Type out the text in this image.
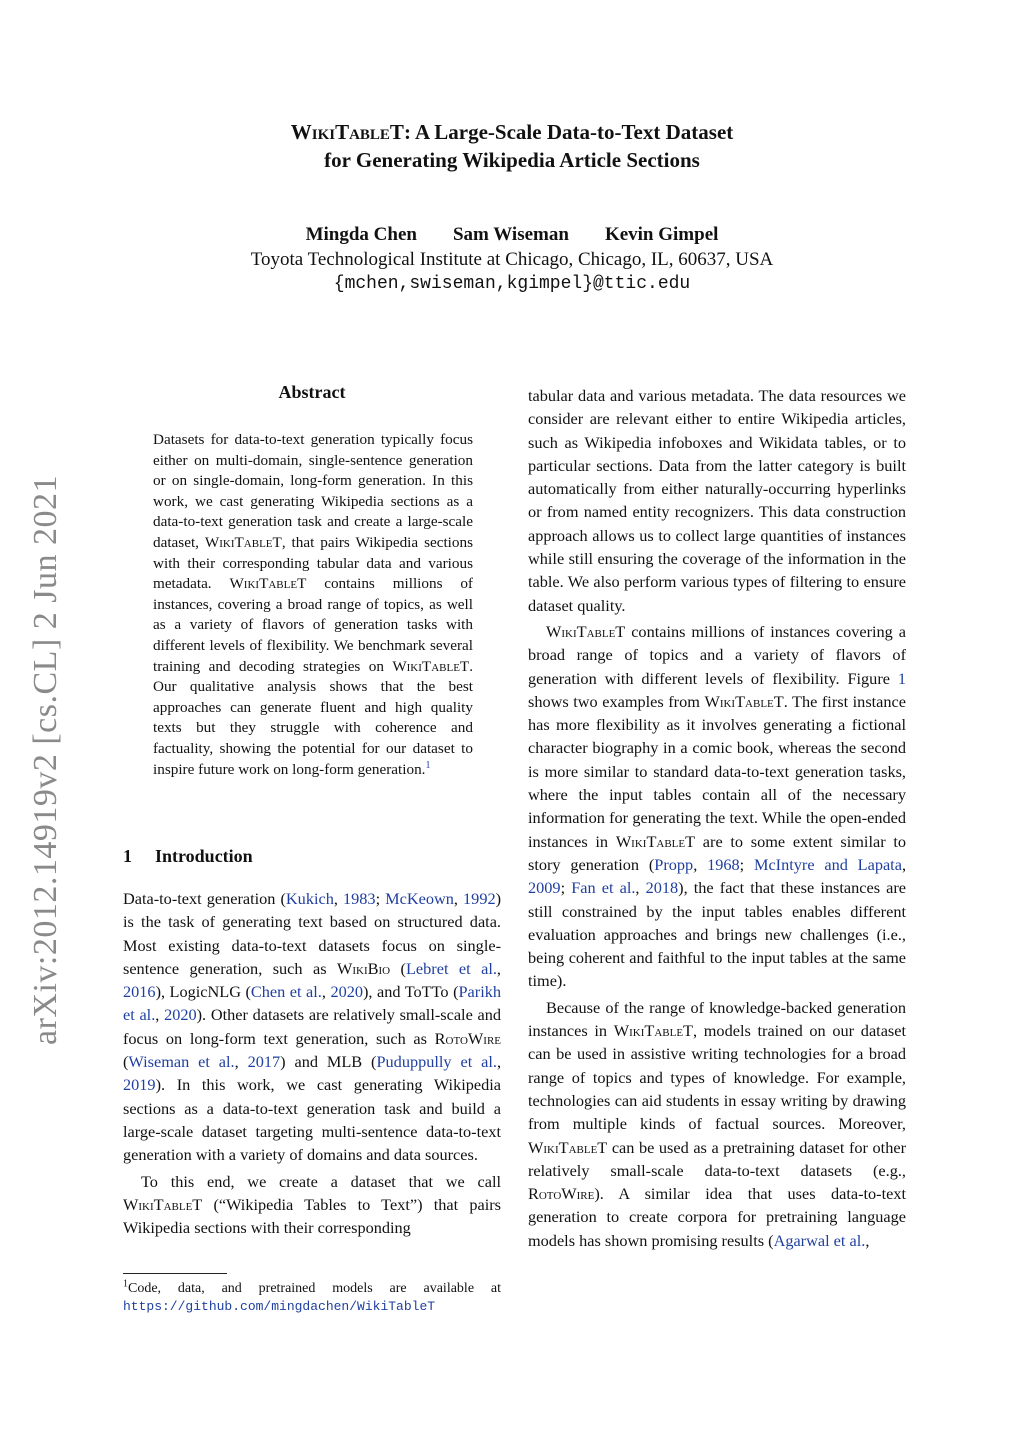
arXiv:2012.14919v2 [cs.CL] 2 Jun 2021
WikiTableT: A Large-Scale Data-to-Text Dataset
for Generating Wikipedia Article Sections
Mingda Chen Sam Wiseman Kevin Gimpel
Toyota Technological Institute at Chicago, Chicago, IL, 60637, USA
{mchen,swiseman,kgimpel}@ttic.edu
Abstract
Datasets for data-to-text generation typically focus either on multi-domain, single-sentence generation or on single-domain, long-form generation. In this work, we cast generating Wikipedia sections as a data-to-text generation task and create a large-scale dataset, WikiTableT, that pairs Wikipedia sections with their corresponding tabular data and various metadata. WikiTableT contains millions of instances, covering a broad range of topics, as well as a variety of flavors of generation tasks with different levels of flexibility. We benchmark several training and decoding strategies on WikiTableT. Our qualitative analysis shows that the best approaches can generate fluent and high quality texts but they struggle with coherence and factuality, showing the potential for our dataset to inspire future work on long-form generation.$^1$
1 Introduction

Data-to-text generation (Kukich, 1983; McKeown, 1992) is the task of generating text based on structured data. Most existing data-to-text datasets focus on single-sentence generation, such as WikiBio (Lebret et al., 2016), LogicNLG (Chen et al., 2020), and ToTTo (Parikh et al., 2020). Other datasets are relatively small-scale and focus on long-form text generation, such as RotoWire (Wiseman et al., 2017) and MLB (Puduppully et al., 2019). In this work, we cast generating Wikipedia sections as a data-to-text generation task and build a large-scale dataset targeting multi-sentence data-to-text generation with a variety of domains and data sources.

To this end, we create a dataset that we call WikiTableT (“Wikipedia Tables to Text”) that pairs Wikipedia sections with their corresponding

$^1$Code, data, and pretrained models are available at https://github.com/mingdachen/WikiTableT

tabular data and various metadata. The data resources we consider are relevant either to entire Wikipedia articles, such as Wikipedia infoboxes and Wikidata tables, or to particular sections. Data from the latter category is built automatically from either naturally-occurring hyperlinks or from named entity recognizers. This data construction approach allows us to collect large quantities of instances while still ensuring the coverage of the information in the table. We also perform various types of filtering to ensure dataset quality.

WikiTableT contains millions of instances covering a broad range of topics and a variety of flavors of generation with different levels of flexibility. Figure 1 shows two examples from WikiTableT. The first instance has more flexibility as it involves generating a fictional character biography in a comic book, whereas the second is more similar to standard data-to-text generation tasks, where the input tables contain all of the necessary information for generating the text. While the open-ended instances in WikiTableT are to some extent similar to story generation (Propp, 1968; McIntyre and Lapata, 2009; Fan et al., 2018), the fact that these instances are still constrained by the input tables enables different evaluation approaches and brings new challenges (i.e., being coherent and faithful to the input tables at the same time).

Because of the range of knowledge-backed generation instances in WikiTableT, models trained on our dataset can be used in assistive writing technologies for a broad range of topics and types of knowledge. For example, technologies can aid students in essay writing by drawing from multiple kinds of factual sources. Moreover, WikiTableT can be used as a pretraining dataset for other relatively small-scale data-to-text datasets (e.g., RotoWire). A similar idea that uses data-to-text generation to create corpora for pretraining language models has shown promising results (Agarwal et al.,
